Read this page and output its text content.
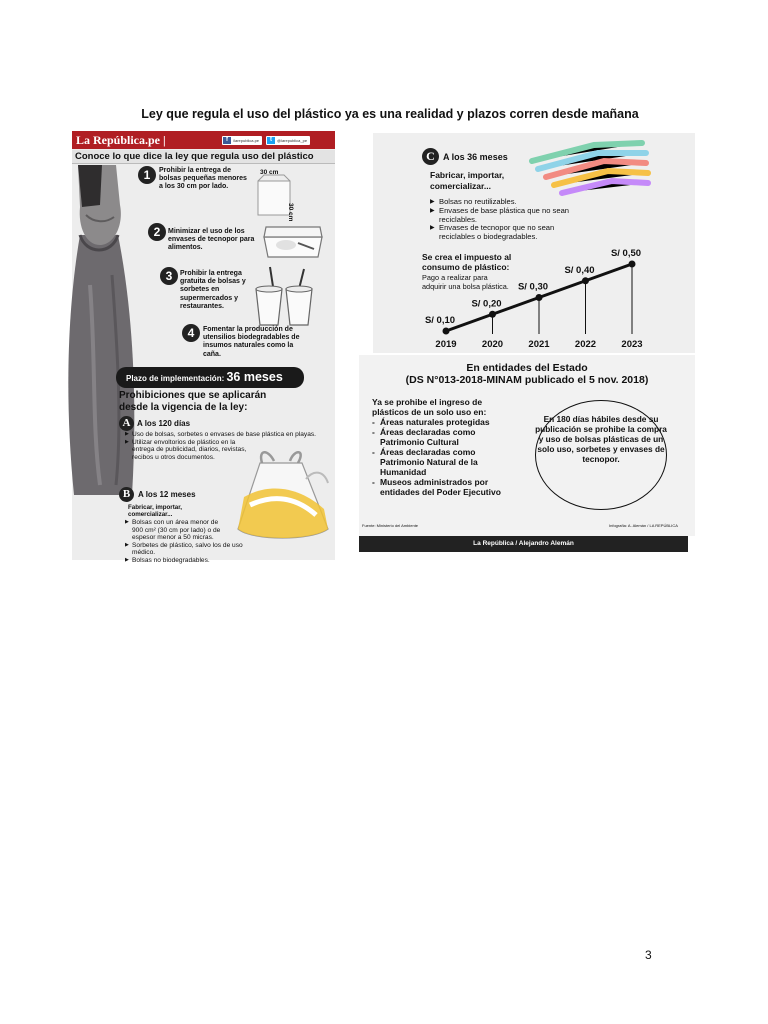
Ley que regula el uso del plástico ya es una realidad y plazos corren desde mañana
La República.pe |	f	/larepublica.pe	t	@larepublica_pe
Conoce lo que dice la ley que regula uso del plástico
1	Prohibir la entrega de bolsas pequeñas menores a los 30 cm por lado.
30 cm
30 cm
2	Minimizar el uso de los envases de tecnopor para alimentos.
3	Prohibir la entrega gratuita de bolsas y sorbetes en supermercados y restaurantes.
4	Fomentar la producción de utensilios biodegradables de insumos naturales como la caña.
Plazo de implementación: 36 meses
Prohibiciones que se aplicarán desde la vigencia de la ley:
A A los 120 días
▶ Uso de bolsas, sorbetes o envases de base plástica en playas.
▶ Utilizar envoltorios de plástico en la entrega de publicidad, diarios, revistas, recibos u otros documentos.
B A los 12 meses
Fabricar, importar, comercializar...
▶ Bolsas con un área menor de 900 cm² (30 cm por lado) o de espesor menor a 50 micras.
▶ Sorbetes de plástico, salvo los de uso médico.
▶ Bolsas no biodegradables.
C A los 36 meses
Fabricar, importar, comercializar...
▶ Bolsas no reutilizables.
▶ Envases de base plástica que no sean reciclables.
▶ Envases de tecnopor que no sean reciclables o biodegradables.
Se crea el impuesto al consumo de plástico:
Pago a realizar para adquirir una bolsa plástica.
S/ 0,10
2019
S/ 0,20
2020
S/ 0,30
2021
S/ 0,40
2022
S/ 0,50
2023
En entidades del Estado
(DS N°013-2018-MINAM publicado el 5 nov. 2018)
Ya se prohibe el ingreso de plásticos de un solo uso en:
- Áreas naturales protegidas
- Áreas declaradas como Patrimonio Cultural
- Áreas declaradas como Patrimonio Natural de la Humanidad
- Museos administrados por entidades del Poder Ejecutivo
En 180 días hábiles desde su publicación se prohibe la compra y uso de bolsas plásticas de un solo uso, sorbetes y envases de tecnopor.
Fuente: Ministerio del Ambiente	Infografía: A. Alemán / LA REPÚBLICA
La República / Alejandro Alemán
3
